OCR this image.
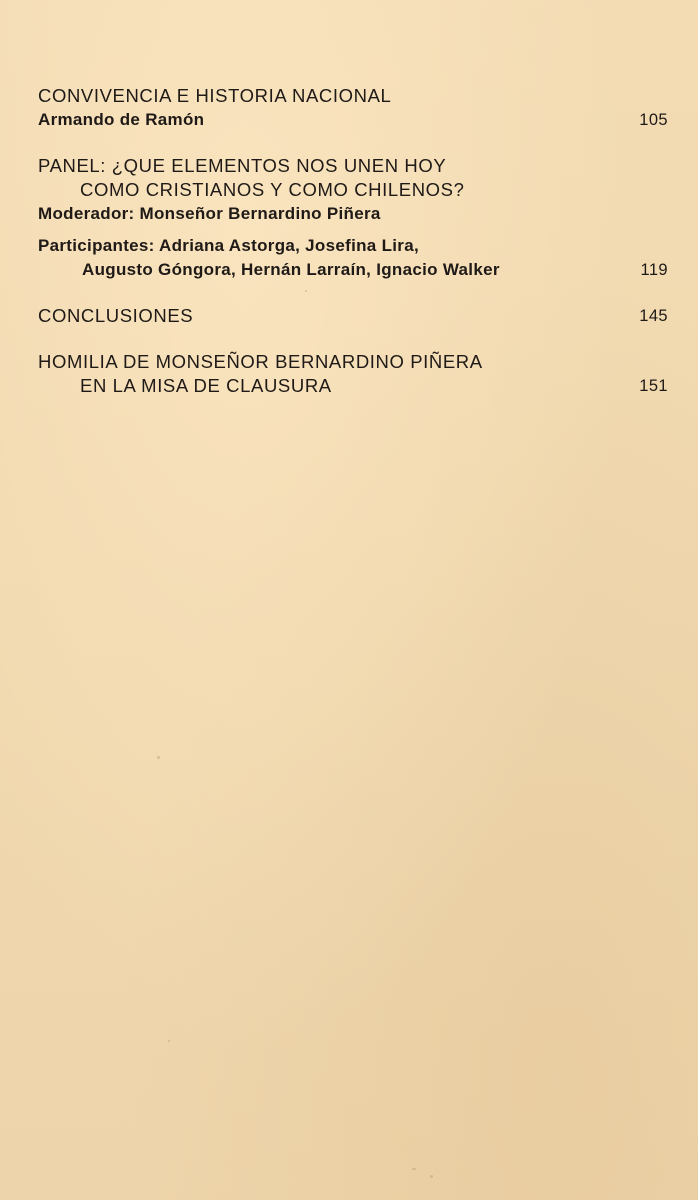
CONVIVENCIA E HISTORIA NACIONAL
Armando de Ramón	105
PANEL: ¿QUE ELEMENTOS NOS UNEN HOY
COMO CRISTIANOS Y COMO CHILENOS?
Moderador: Monseñor Bernardino Piñera
Participantes: Adriana Astorga, Josefina Lira,
Augusto Góngora, Hernán Larraín, Ignacio Walker	119
CONCLUSIONES	145
HOMILIA DE MONSEÑOR BERNARDINO PIÑERA
EN LA MISA DE CLAUSURA	151
